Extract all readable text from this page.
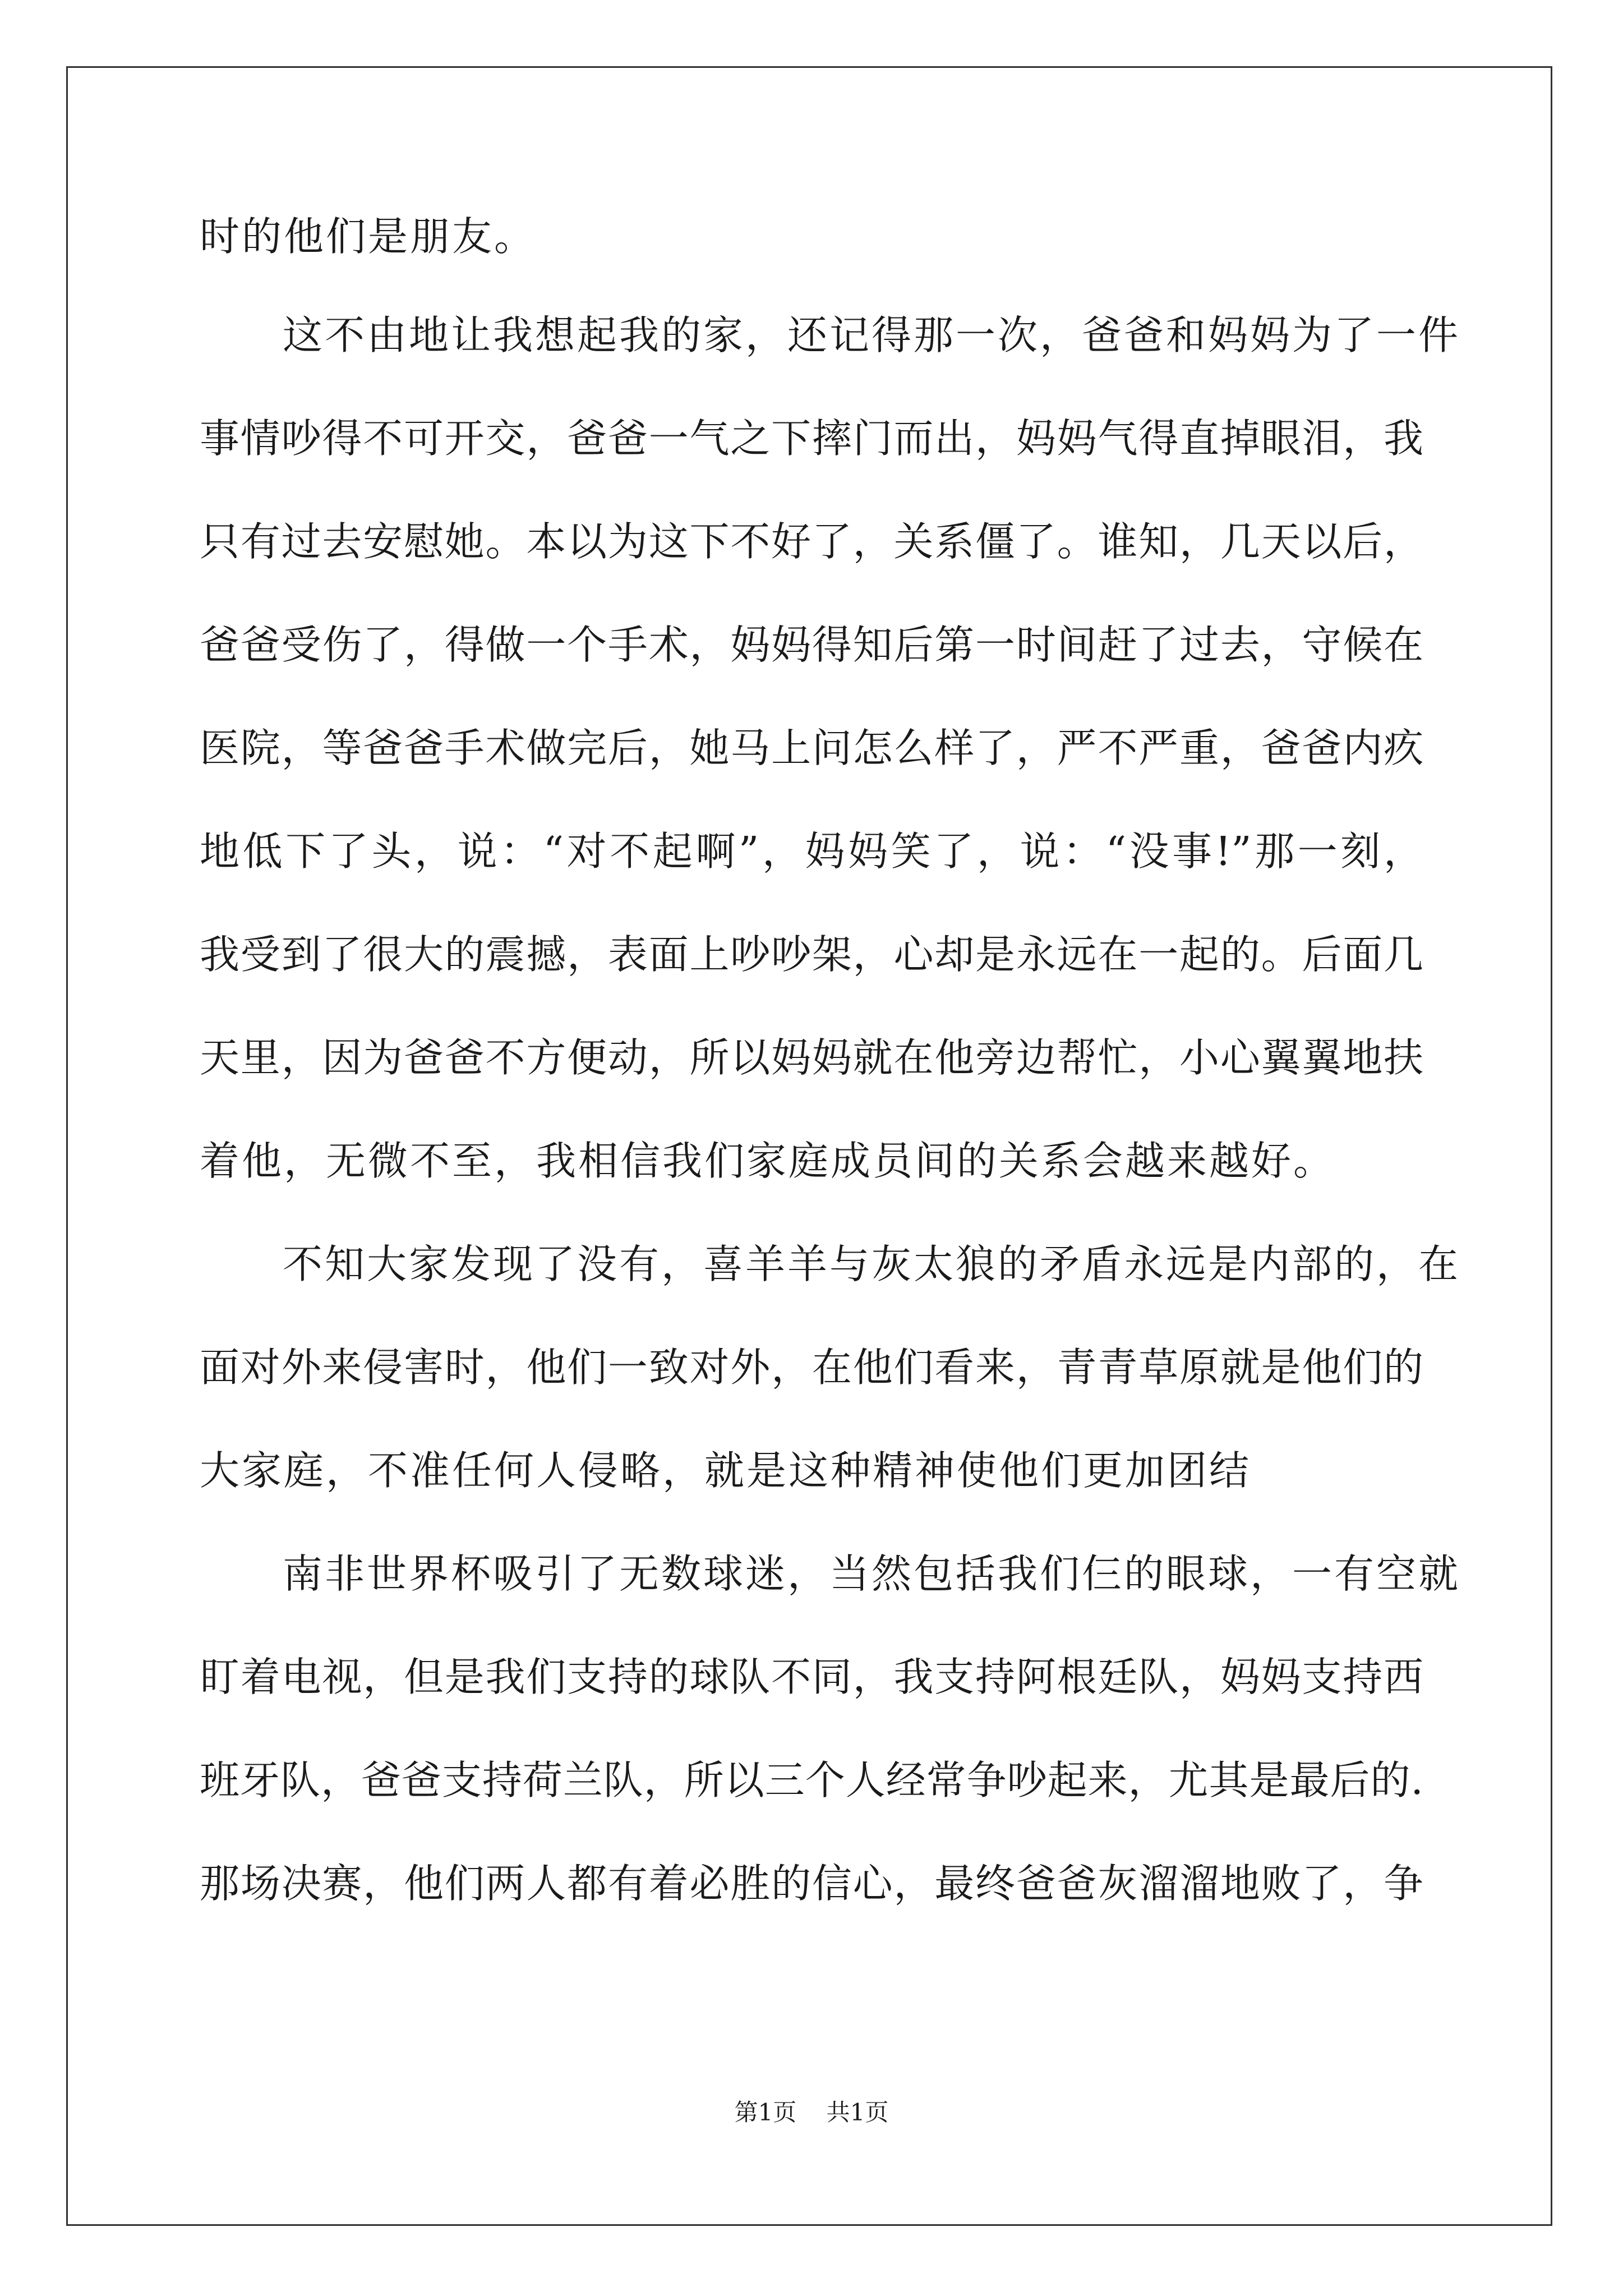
时的他们是朋友。
这不由地让我想起我的家，还记得那一次，爸爸和妈妈为了一件
事情吵得不可开交，爸爸一气之下摔门而出，妈妈气得直掉眼泪，我
只有过去安慰她。本以为这下不好了，关系僵了。谁知，几天以后，
爸爸受伤了，得做一个手术，妈妈得知后第一时间赶了过去，守候在
医院，等爸爸手术做完后，她马上问怎么样了，严不严重，爸爸内疚
地低下了头，说：“对不起啊”，妈妈笑了，说：“没事!”那一刻，
我受到了很大的震撼，表面上吵吵架，心却是永远在一起的。后面几
天里，因为爸爸不方便动，所以妈妈就在他旁边帮忙，小心翼翼地扶
着他，无微不至，我相信我们家庭成员间的关系会越来越好。
不知大家发现了没有，喜羊羊与灰太狼的矛盾永远是内部的，在
面对外来侵害时，他们一致对外，在他们看来，青青草原就是他们的
大家庭，不准任何人侵略，就是这种精神使他们更加团结
南非世界杯吸引了无数球迷，当然包括我们仨的眼球，一有空就
盯着电视，但是我们支持的球队不同，我支持阿根廷队，妈妈支持西
班牙队，爸爸支持荷兰队，所以三个人经常争吵起来，尤其是最后的.
那场决赛，他们两人都有着必胜的信心，最终爸爸灰溜溜地败了，争
第1页    共1页
